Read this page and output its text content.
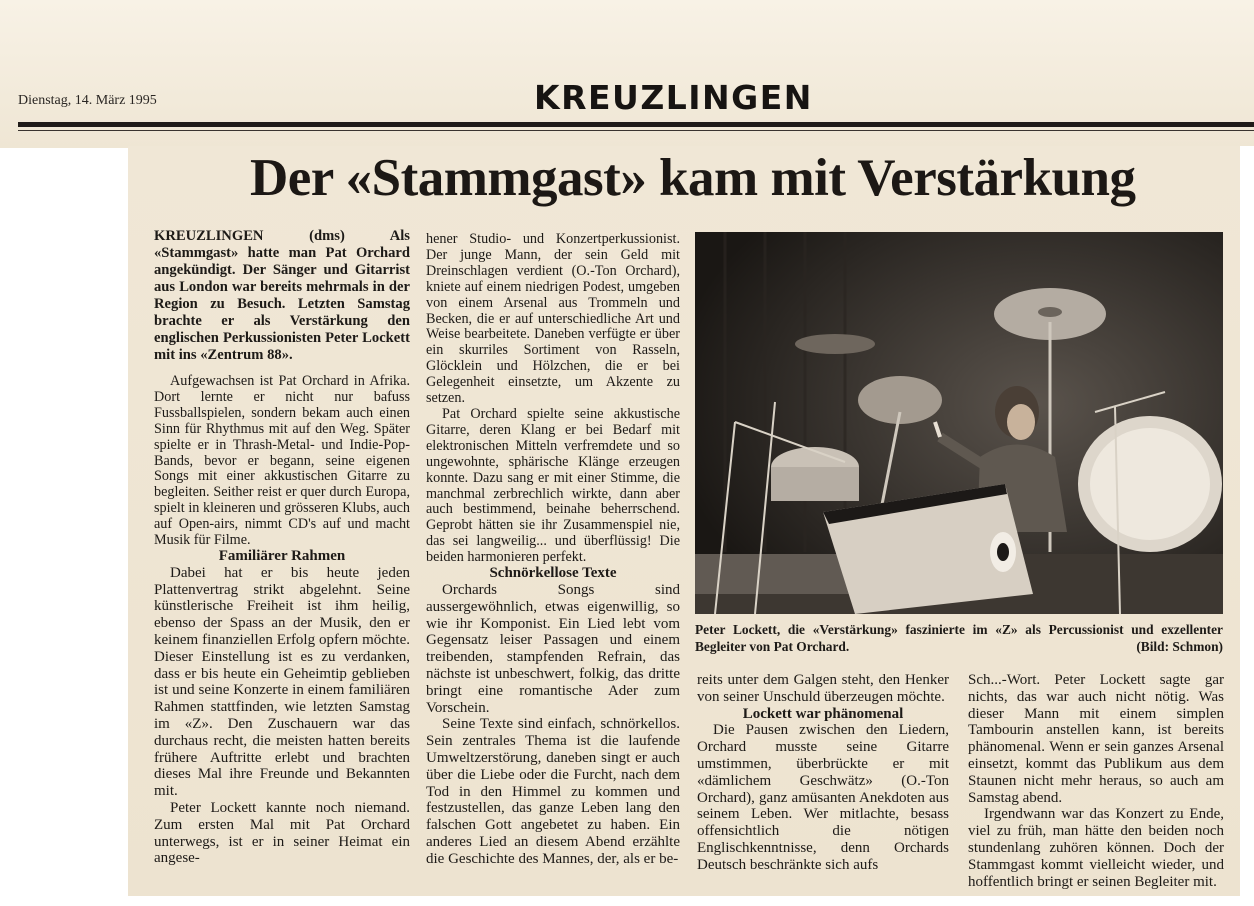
Dienstag, 14. März 1995	KREUZLINGEN
Der «Stammgast» kam mit Verstärkung

KREUZLINGEN (dms) Als «Stammgast» hatte man Pat Orchard angekündigt. Der Sänger und Gitarrist aus London war bereits mehrmals in der Region zu Besuch. Letzten Samstag brachte er als Verstärkung den englischen Perkussionisten Peter Lockett mit ins «Zentrum 88».

Aufgewachsen ist Pat Orchard in Afrika. Dort lernte er nicht nur bafuss Fussballspielen, sondern bekam auch einen Sinn für Rhythmus mit auf den Weg. Später spielte er in Thrash-Metal- und Indie-Pop-Bands, bevor er begann, seine eigenen Songs mit einer akkustischen Gitarre zu begleiten. Seither reist er quer durch Europa, spielt in kleineren und grösseren Klubs, auch auf Open-airs, nimmt CD's auf und macht Musik für Filme.

Familiärer Rahmen

Dabei hat er bis heute jeden Plattenvertrag strikt abgelehnt. Seine künstlerische Freiheit ist ihm heilig, ebenso der Spass an der Musik, den er keinem finanziellen Erfolg opfern möchte. Dieser Einstellung ist es zu verdanken, dass er bis heute ein Geheimtip geblieben ist und seine Konzerte in einem familiären Rahmen stattfinden, wie letzten Samstag im «Z». Den Zuschauern war das durchaus recht, die meisten hatten bereits frühere Auftritte erlebt und brachten dieses Mal ihre Freunde und Bekannten mit.

Peter Lockett kannte noch niemand. Zum ersten Mal mit Pat Orchard unterwegs, ist er in seiner Heimat ein angese-

hener Studio- und Konzertperkussionist. Der junge Mann, der sein Geld mit Dreinschlagen verdient (O.-Ton Orchard), kniete auf einem niedrigen Podest, umgeben von einem Arsenal aus Trommeln und Becken, die er auf unterschiedliche Art und Weise bearbeitete. Daneben verfügte er über ein skurriles Sortiment von Rasseln, Glöcklein und Hölzchen, die er bei Gelegenheit einsetzte, um Akzente zu setzen.

Pat Orchard spielte seine akkustische Gitarre, deren Klang er bei Bedarf mit elektronischen Mitteln verfremdete und so ungewohnte, sphärische Klänge erzeugen konnte. Dazu sang er mit einer Stimme, die manchmal zerbrechlich wirkte, dann aber auch bestimmend, beinahe beherrschend. Geprobt hätten sie ihr Zusammenspiel nie, das sei langweilig... und überflüssig! Die beiden harmonieren perfekt.

Schnörkellose Texte

Orchards Songs sind aussergewöhnlich, etwas eigenwillig, so wie ihr Komponist. Ein Lied lebt vom Gegensatz leiser Passagen und einem treibenden, stampfenden Refrain, das nächste ist unbeschwert, folkig, das dritte bringt eine romantische Ader zum Vorschein.

Seine Texte sind einfach, schnörkellos. Sein zentrales Thema ist die laufende Umweltzerstörung, daneben singt er auch über die Liebe oder die Furcht, nach dem Tod in den Himmel zu kommen und festzustellen, das ganze Leben lang den falschen Gott angebetet zu haben. Ein anderes Lied an diesem Abend erzählte die Geschichte des Mannes, der, als er be-

Peter Lockett, die «Verstärkung» faszinierte im «Z» als Percussionist und exzellenter Begleiter von Pat Orchard.	(Bild: Schmon)

reits unter dem Galgen steht, den Henker von seiner Unschuld überzeugen möchte.

Lockett war phänomenal

Die Pausen zwischen den Liedern, Orchard musste seine Gitarre umstimmen, überbrückte er mit «dämlichem Geschwätz» (O.-Ton Orchard), ganz amüsanten Anekdoten aus seinem Leben. Wer mitlachte, besass offensichtlich die nötigen Englischkenntnisse, denn Orchards Deutsch beschränkte sich aufs

Sch...-Wort. Peter Lockett sagte gar nichts, das war auch nicht nötig. Was dieser Mann mit einem simplen Tambourin anstellen kann, ist bereits phänomenal. Wenn er sein ganzes Arsenal einsetzt, kommt das Publikum aus dem Staunen nicht mehr heraus, so auch am Samstag abend.

Irgendwann war das Konzert zu Ende, viel zu früh, man hätte den beiden noch stundenlang zuhören können. Doch der Stammgast kommt vielleicht wieder, und hoffentlich bringt er seinen Begleiter mit.
